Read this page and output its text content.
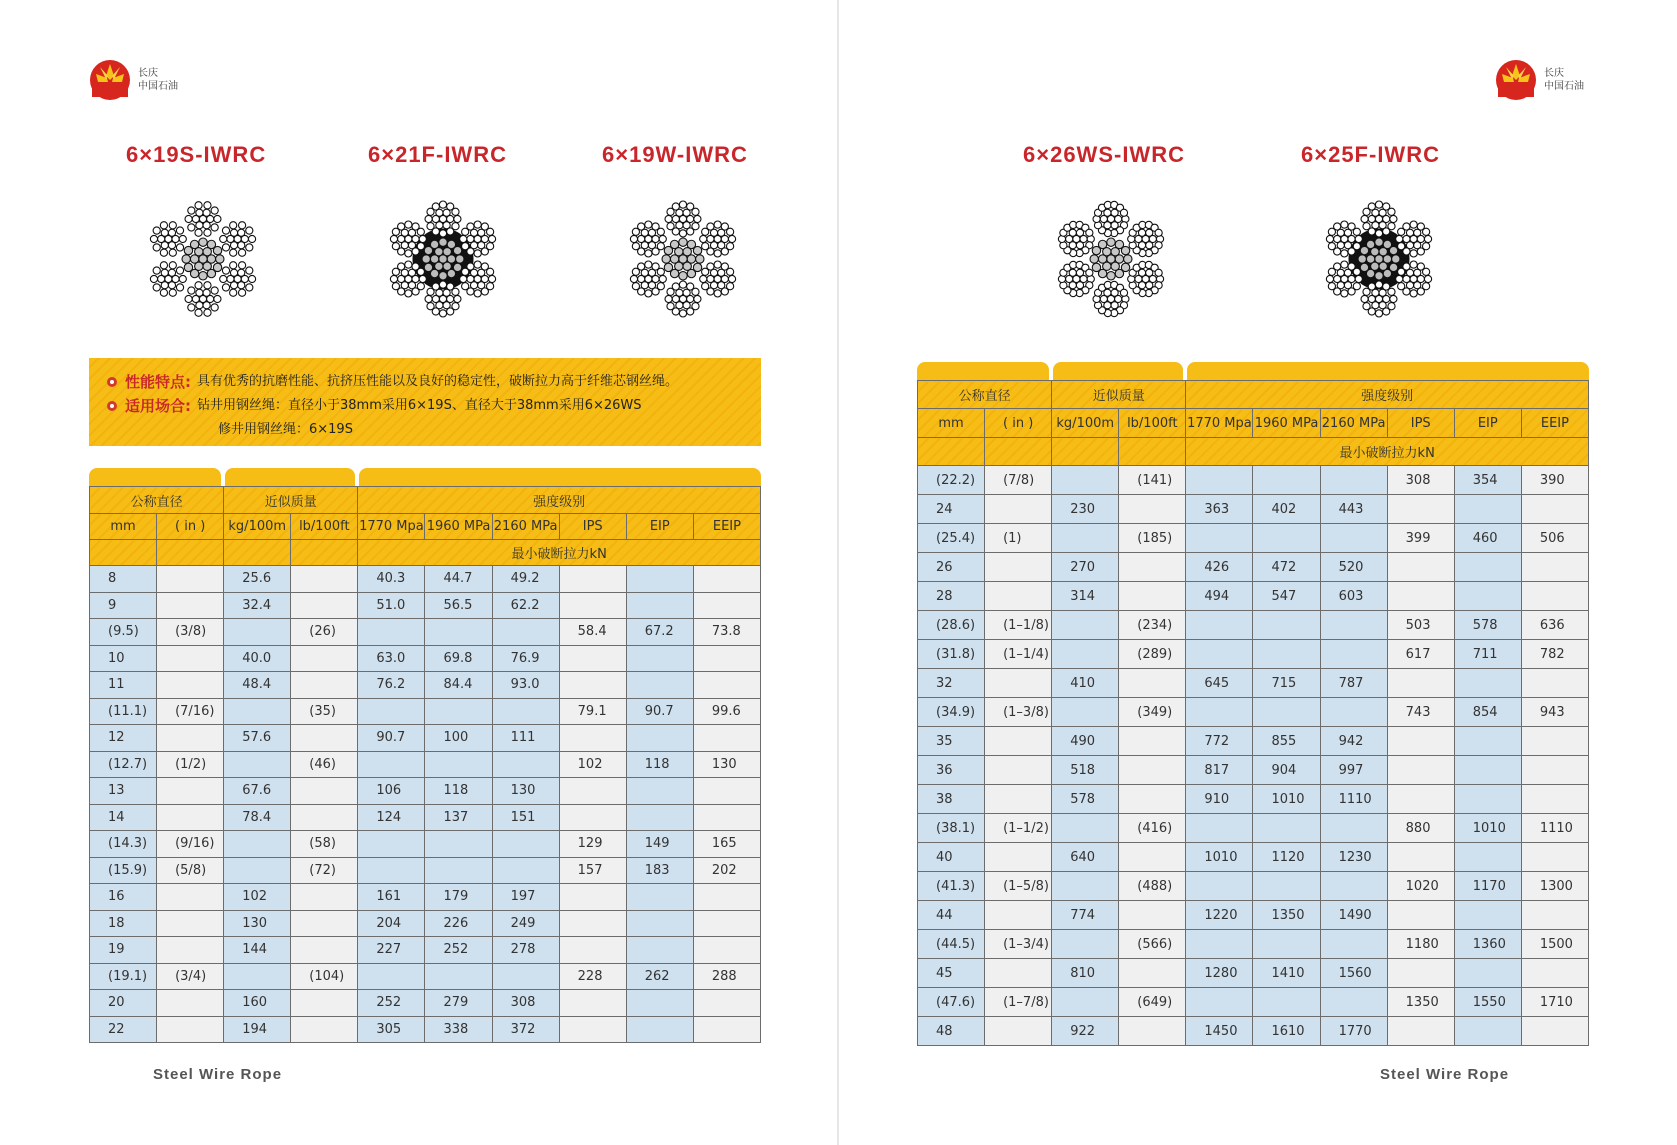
长庆
中国石油
长庆
中国石油
6×19S-IWRC	6×21F-IWRC	6×19W-IWRC	6×26WS-IWRC	6×25F-IWRC
性能特点: 具有优秀的抗磨性能、抗挤压性能以及良好的稳定性，破断拉力高于纤维芯钢丝绳。
适用场合: 钻井用钢丝绳：直径小于38mm采用6×19S、直径大于38mm采用6×26WS
修井用钢丝绳：6×19S
公称直径		近似质量		强度级别					
mm	( in )	kg/100m	lb/100ft	1770 Mpa	1960 MPa	2160 MPa	IPS	EIP	EEIP
				最小破断拉力kN					
8		25.6		40.3	44.7	49.2			
9		32.4		51.0	56.5	62.2			
(9.5)	(3/8)		(26)				58.4	67.2	73.8
10		40.0		63.0	69.8	76.9			
11		48.4		76.2	84.4	93.0			
(11.1)	(7/16)		(35)				79.1	90.7	99.6
12		57.6		90.7	100	111			
(12.7)	(1/2)		(46)				102	118	130
13		67.6		106	118	130			
14		78.4		124	137	151			
(14.3)	(9/16)		(58)				129	149	165
(15.9)	(5/8)		(72)				157	183	202
16		102		161	179	197			
18		130		204	226	249			
19		144		227	252	278			
(19.1)	(3/4)		(104)				228	262	288
20		160		252	279	308			
22		194		305	338	372			
公称直径		近似质量		强度级别					
mm	( in )	kg/100m	lb/100ft	1770 Mpa	1960 MPa	2160 MPa	IPS	EIP	EEIP
				最小破断拉力kN					
(22.2)	(7/8)		(141)				308	354	390
24		230		363	402	443			
(25.4)	(1)		(185)				399	460	506
26		270		426	472	520			
28		314		494	547	603			
(28.6)	(1–1/8)		(234)				503	578	636
(31.8)	(1–1/4)		(289)				617	711	782
32		410		645	715	787			
(34.9)	(1–3/8)		(349)				743	854	943
35		490		772	855	942			
36		518		817	904	997			
38		578		910	1010	1110			
(38.1)	(1–1/2)		(416)				880	1010	1110
40		640		1010	1120	1230			
(41.3)	(1–5/8)		(488)				1020	1170	1300
44		774		1220	1350	1490			
(44.5)	(1–3/4)		(566)				1180	1360	1500
45		810		1280	1410	1560			
(47.6)	(1–7/8)		(649)				1350	1550	1710
48		922		1450	1610	1770			
Steel Wire Rope	Steel Wire Rope
